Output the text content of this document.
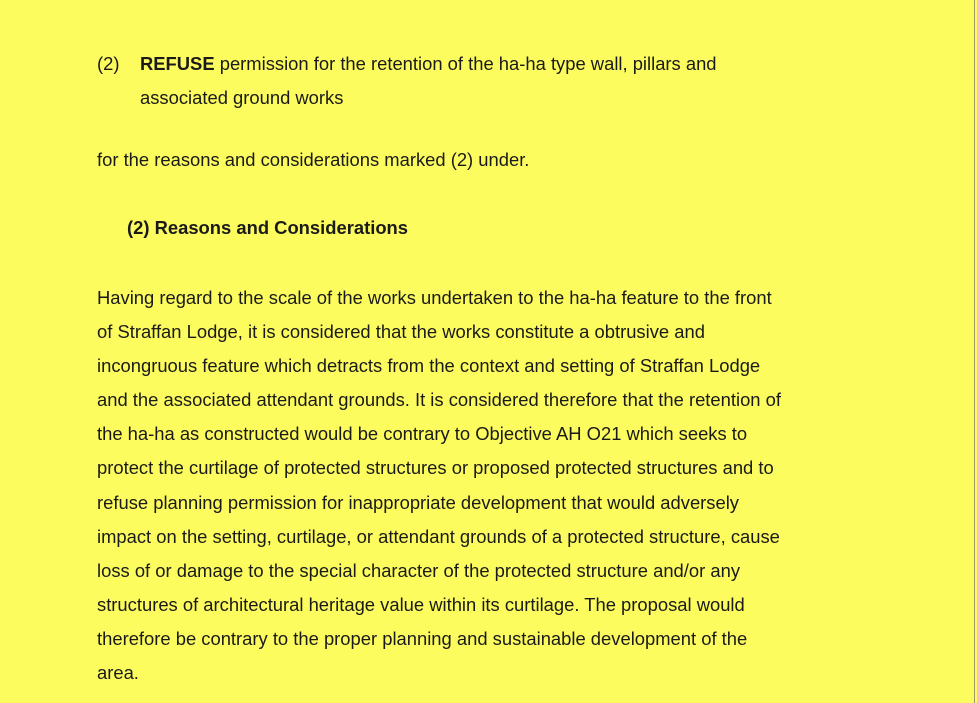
(2) REFUSE permission for the retention of the ha-ha type wall, pillars and
associated ground works
for the reasons and considerations marked (2) under.
(2) Reasons and Considerations
Having regard to the scale of the works undertaken to the ha-ha feature to the front
of Straffan Lodge, it is considered that the works constitute a obtrusive and
incongruous feature which detracts from the context and setting of Straffan Lodge
and the associated attendant grounds. It is considered therefore that the retention of
the ha-ha as constructed would be contrary to Objective AH O21 which seeks to
protect the curtilage of protected structures or proposed protected structures and to
refuse planning permission for inappropriate development that would adversely
impact on the setting, curtilage, or attendant grounds of a protected structure, cause
loss of or damage to the special character of the protected structure and/or any
structures of architectural heritage value within its curtilage. The proposal would
therefore be contrary to the proper planning and sustainable development of the
area.
